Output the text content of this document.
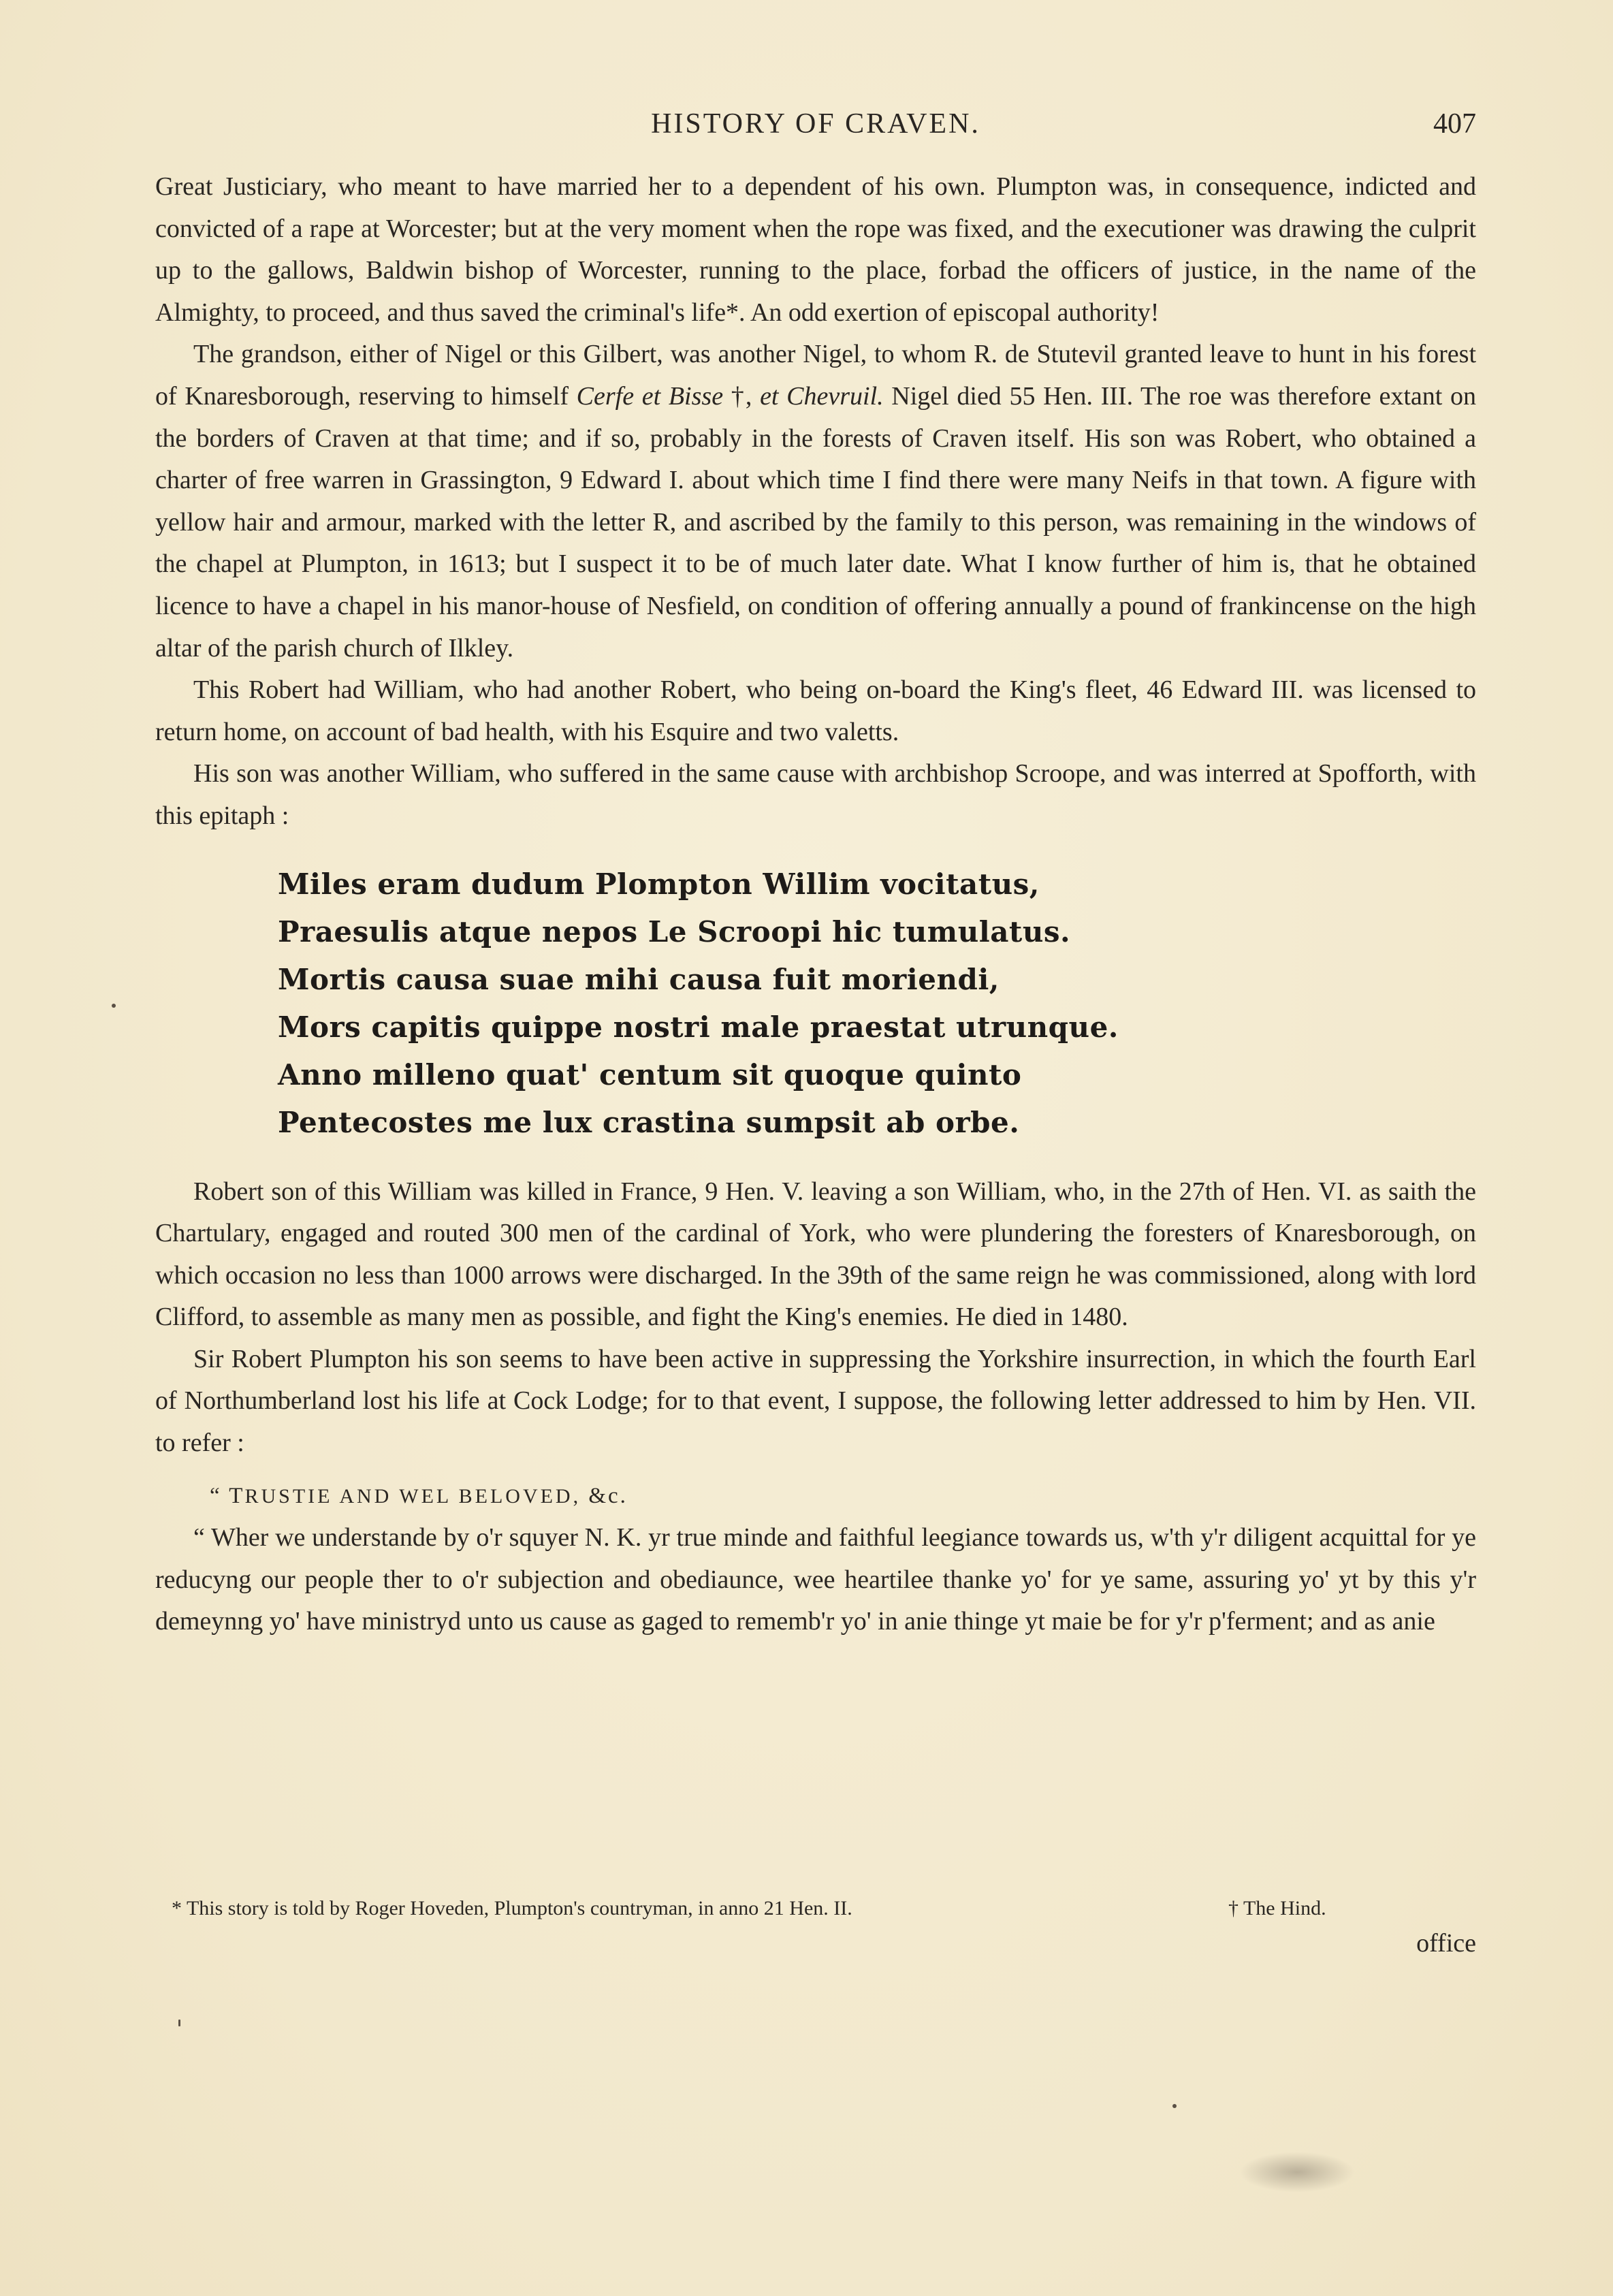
HISTORY OF CRAVEN.	407

Great Justiciary, who meant to have married her to a dependent of his own. Plumpton was, in consequence, indicted and convicted of a rape at Worcester; but at the very moment when the rope was fixed, and the executioner was drawing the culprit up to the gallows, Baldwin bishop of Worcester, running to the place, forbad the officers of justice, in the name of the Almighty, to proceed, and thus saved the criminal's life*. An odd exertion of episcopal authority!

The grandson, either of Nigel or this Gilbert, was another Nigel, to whom R. de Stutevil granted leave to hunt in his forest of Knaresborough, reserving to himself Cerfe et Bisse †, et Chevruil. Nigel died 55 Hen. III. The roe was therefore extant on the borders of Craven at that time; and if so, probably in the forests of Craven itself. His son was Robert, who obtained a charter of free warren in Grassington, 9 Edward I. about which time I find there were many Neifs in that town. A figure with yellow hair and armour, marked with the letter R, and ascribed by the family to this person, was remaining in the windows of the chapel at Plumpton, in 1613; but I suspect it to be of much later date. What I know further of him is, that he obtained licence to have a chapel in his manor-house of Nesfield, on condition of offering annually a pound of frankincense on the high altar of the parish church of Ilkley.

This Robert had William, who had another Robert, who being on-board the King's fleet, 46 Edward III. was licensed to return home, on account of bad health, with his Esquire and two valetts.

His son was another William, who suffered in the same cause with archbishop Scroope, and was interred at Spofforth, with this epitaph :

Miles eram dudum Plompton Willim vocitatus,
Praesulis atque nepos Le Scroopi hic tumulatus.
Mortis causa suae mihi causa fuit moriendi,
Mors capitis quippe nostri male praestat utrunque.
Anno milleno quat' centum sit quoque quinto
Pentecostes me lux crastina sumpsit ab orbe.

Robert son of this William was killed in France, 9 Hen. V. leaving a son William, who, in the 27th of Hen. VI. as saith the Chartulary, engaged and routed 300 men of the cardinal of York, who were plundering the foresters of Knaresborough, on which occasion no less than 1000 arrows were discharged. In the 39th of the same reign he was commissioned, along with lord Clifford, to assemble as many men as possible, and fight the King's enemies. He died in 1480.

Sir Robert Plumpton his son seems to have been active in suppressing the Yorkshire insurrection, in which the fourth Earl of Northumberland lost his life at Cock Lodge; for to that event, I suppose, the following letter addressed to him by Hen. VII. to refer :

“ TRUSTIE AND WEL BELOVED, &c.

“ Wher we understande by o'r squyer N. K. yr true minde and faithful leegiance towards us, w'th y'r diligent acquittal for ye reducyng our people ther to o'r subjection and obediaunce, wee heartilee thanke yo' for ye same, assuring yo' yt by this y'r demeynng yo' have ministryd unto us cause as gaged to rememb'r yo' in anie thinge yt maie be for y'r p'ferment; and as anie

* This story is told by Roger Hoveden, Plumpton's countryman, in anno 21 Hen. II.	† The Hind.
office
